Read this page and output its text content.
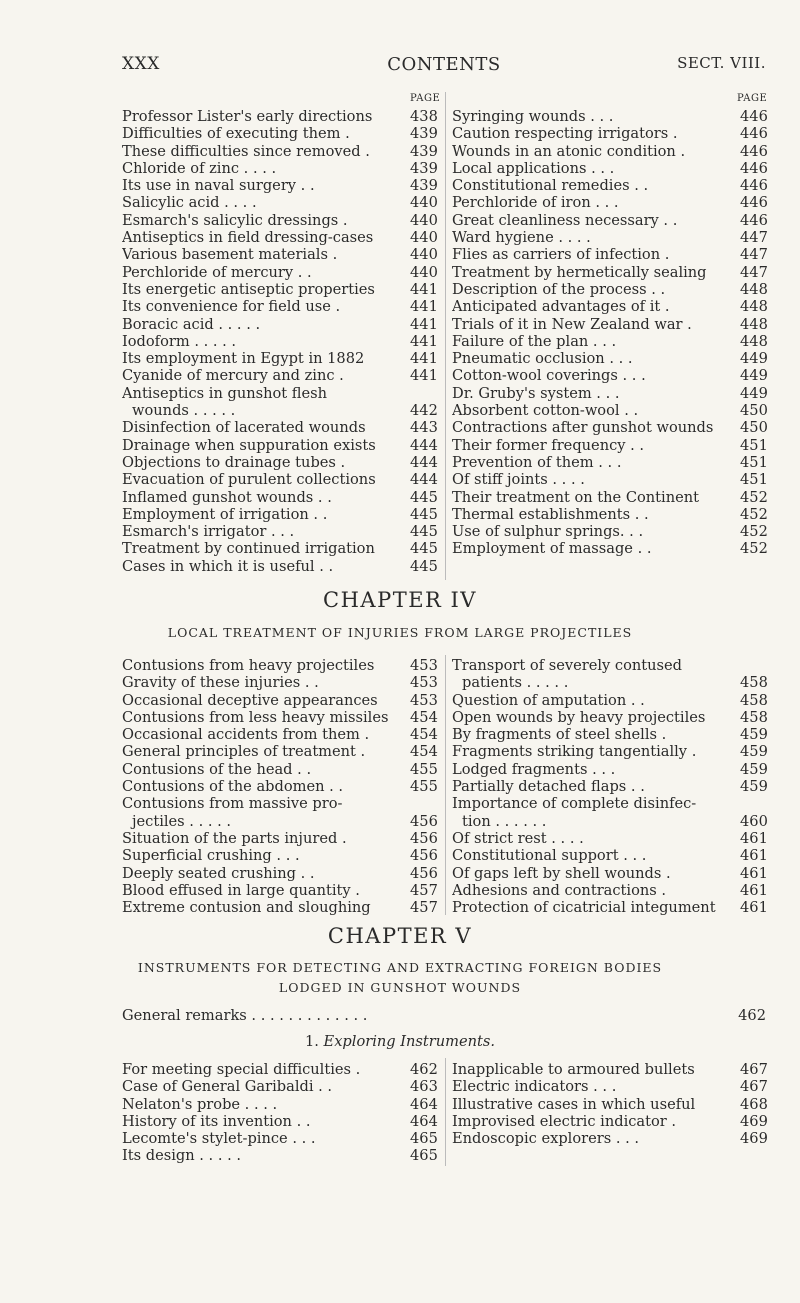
XXX	CONTENTS	SECT. VIII.
PAGE	PAGE
Professor Lister's early directions	438
Difficulties of executing them .	439
These difficulties since removed .	439
Chloride of zinc . . . .	439
Its use in naval surgery . .	439
Salicylic acid . . . .	440
Esmarch's salicylic dressings .	440
Antiseptics in field dressing-cases	440
Various basement materials .	440
Perchloride of mercury . .	440
Its energetic antiseptic properties 441
Its convenience for field use .	441
Boracic acid . . . . .	441
Iodoform . . . . .	441
Its employment in Egypt in 1882	441
Cyanide of mercury and zinc .	441
Antiseptics in gunshot flesh
wounds . . . . .	442
Disinfection of lacerated wounds	443
Drainage when suppuration exists 444
Objections to drainage tubes .	444
Evacuation of purulent collections 444
Inflamed gunshot wounds . .	445
Employment of irrigation . .	445
Esmarch's irrigator . . .	445
Treatment by continued irrigation 445
Cases in which it is useful . .	445
Syringing wounds . . .	446
Caution respecting irrigators .	446
Wounds in an atonic condition .	446
Local applications . . .	446
Constitutional remedies . .	446
Perchloride of iron . . .	446
Great cleanliness necessary . .	446
Ward hygiene . . . .	447
Flies as carriers of infection .	447
Treatment by hermetically sealing 447
Description of the process . .	448
Anticipated advantages of it .	448
Trials of it in New Zealand war .	448
Failure of the plan . . .	448
Pneumatic occlusion . . .	449
Cotton-wool coverings . . .	449
Dr. Gruby's system . . .	449
Absorbent cotton-wool . .	450
Contractions after gunshot wounds 450
Their former frequency . .	451
Prevention of them . . .	451
Of stiff joints . . . .	451
Their treatment on the Continent	452
Thermal establishments . .	452
Use of sulphur springs. . .	452
Employment of massage . .	452
CHAPTER IV
LOCAL TREATMENT OF INJURIES FROM LARGE PROJECTILES
Contusions from heavy projectiles 453
Gravity of these injuries . .	453
Occasional deceptive appearances 453
Contusions from less heavy missiles 454
Occasional accidents from them .	454
General principles of treatment .	454
Contusions of the head . .	455
Contusions of the abdomen . .	455
Contusions from massive pro-
jectiles . . . . .	456
Situation of the parts injured .	456
Superficial crushing . . .	456
Deeply seated crushing . .	456
Blood effused in large quantity .	457
Extreme contusion and sloughing	457
Transport of severely contused
patients . . . . .	458
Question of amputation . .	458
Open wounds by heavy projectiles 458
By fragments of steel shells .	459
Fragments striking tangentially .	459
Lodged fragments . . .	459
Partially detached flaps . .	459
Importance of complete disinfec-
tion . . . . . .	460
Of strict rest . . . .	461
Constitutional support . . .	461
Of gaps left by shell wounds .	461
Adhesions and contractions .	461
Protection of cicatricial integument 461
CHAPTER V
INSTRUMENTS FOR DETECTING AND EXTRACTING FOREIGN BODIES
LODGED IN GUNSHOT WOUNDS
General remarks . . . . . . . . . . . . .	462
1. Exploring Instruments.
For meeting special difficulties .	462
Case of General Garibaldi . .	463
Nelaton's probe . . . .	464
History of its invention . .	464
Lecomte's stylet-pince . . .	465
Its design . . . . .	465
Inapplicable to armoured bullets	467
Electric indicators . . .	467
Illustrative cases in which useful	468
Improvised electric indicator .	469
Endoscopic explorers . . .	469
